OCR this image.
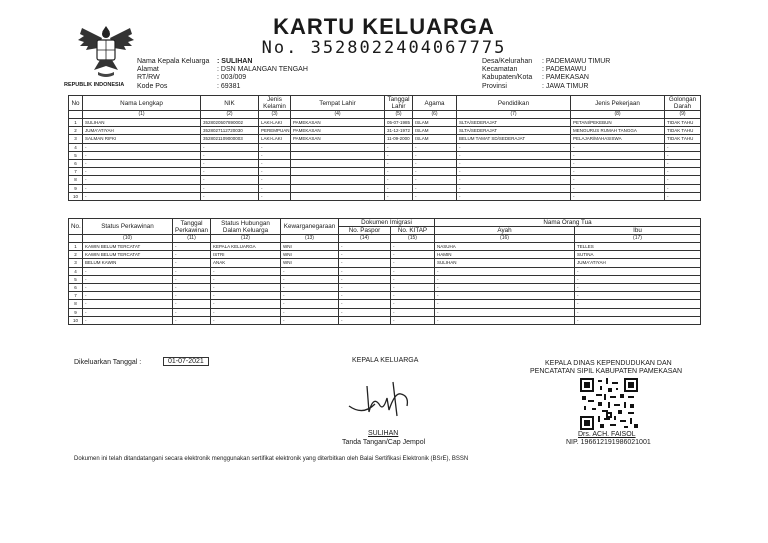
KARTU KELUARGA
No. 3528022404067775
REPUBLIK INDONESIA
Nama Kepala Keluarga : SULIHAN
Alamat	: DSN MALANGAN TENGAH
RT/RW	: 003/009
Kode Pos	: 69381
Desa/Kelurahan : PADEMAWU TIMUR
Kecamatan	: PADEMAWU
Kabupaten/Kota : PAMEKASAN
Provinsi	: JAWA TIMUR
No	Nama Lengkap	NIK	Jenis Kelamin	Tempat Lahir	Tanggal Lahir	Agama	Pendidikan	Jenis Pekerjaan	Golongan Darah
	(1)	(2)	(3)	(4)	(5)	(6)	(7)	(8)	(9)
1	SULIHAN	3528020507890002	LAKI-LAKI	PAMEKASAN	05-07-1985	ISLAM	SLTA/SEDERAJAT	PETANI/PEKEBUN	TIDAK TAHU
2	JUMA'ATIYAH	3528027112720030	PEREMPUAN	PAMEKASAN	31-12-1972	ISLAM	SLTA/SEDERAJAT	MENGURUS RUMAH TANGGA	TIDAK TAHU
3	SALMAN RIFKI	3528021109000003	LAKI-LAKI	PAMEKASAN	11-09-2000	ISLAM	BELUM TAMAT SD/SEDERAJAT	PELAJAR/MAHASISWA	TIDAK TAHU
4	-	-	-		-	-	-	-	-
5	-	-	-		-	-	-	-	-
6	-	-	-		-	-	-	-	-
7	-	-	-		-	-	-	-	-
8	-	-	-		-	-	-	-	-
9	-	-	-		-	-	-	-	-
10	-	-	-		-	-	-	-	-
No.	Status Perkawinan	Tanggal Perkawinan	Status Hubungan Dalam Keluarga	Kewarganegaraan	Dokumen Imigrasi		Nama Orang Tua	
					No. Paspor	No. KITAP	Ayah	Ibu
	(10)	(11)	(12)	(13)	(14)	(15)	(16)	(17)
1	KAWIN BELUM TERCATAT	-	KEPALA KELUARGA	WNI	-	-	NASUHA	TELLES
2	KAWIN BELUM TERCATAT	-	ISTRI	WNI	-	-	HAMIN	SUTINA
3	BELUM KAWIN	-	ANAK	WNI	-	-	SULIHAN	JUMA'ATIYAH
4	-	-	-	-	-	-	-	-
5	-	-	-	-	-	-	-	-
6	-	-	-	-	-	-	-	-
7	-	-	-	-	-	-	-	-
8	-	-	-	-	-	-	-	-
9	-	-	-	-	-	-	-	-
10	-	-	-	-	-	-	-	-
Dikeluarkan Tanggal :	01-07-2021	KEPALA KELUARGA
SULIHAN
Tanda Tangan/Cap Jempol
KEPALA DINAS KEPENDUDUKAN DAN
PENCATATAN SIPIL KABUPATEN PAMEKASAN
Drs. ACH. FAISOL
NIP. 196612191986021001
Dokumen ini telah ditandatangani secara elektronik menggunakan sertifikat elektronik yang diterbitkan oleh Balai Sertifikasi Elektronik (BSrE), BSSN
